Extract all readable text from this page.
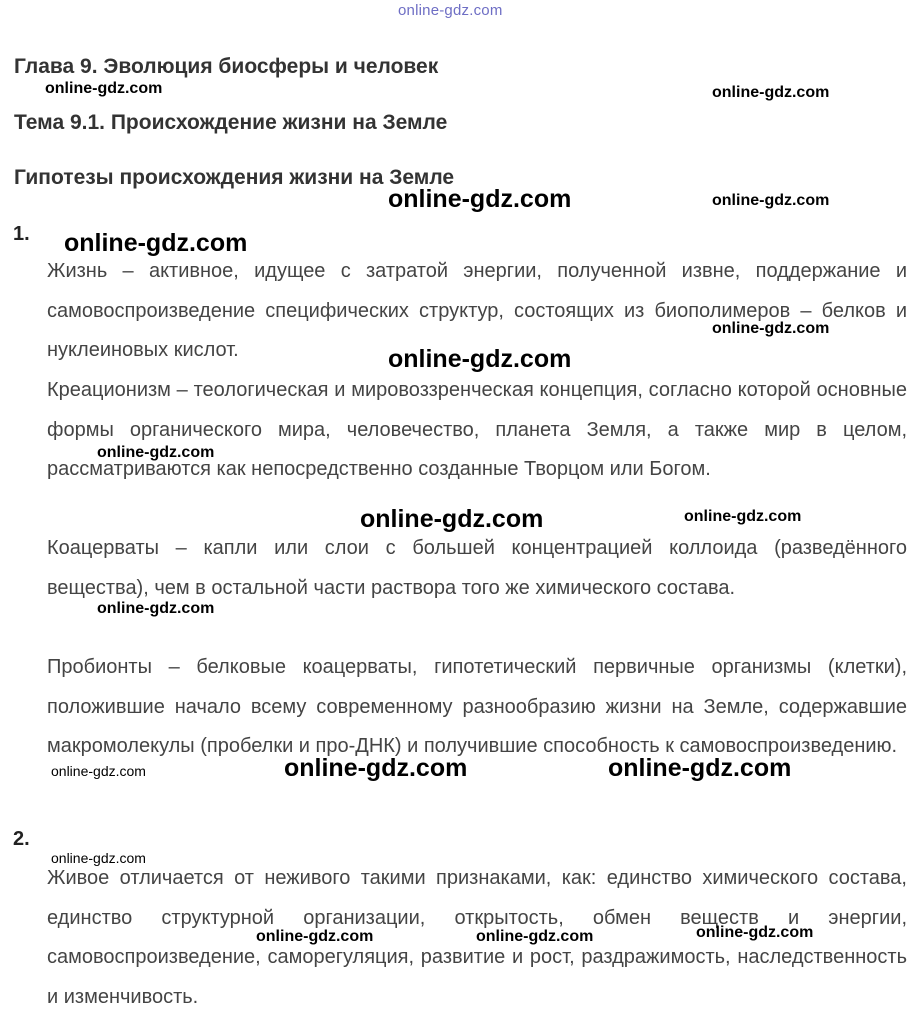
online-gdz.com
Глава 9. Эволюция биосферы и человек
Тема 9.1. Происхождение жизни на Земле
Гипотезы происхождения жизни на Земле
1.

Жизнь – активное, идущее с затратой энергии, полученной извне, поддержание и самовоспроизведение специфических структур, состоящих из биополимеров – белков и нуклеиновых кислот.

Креационизм – теологическая и мировоззренческая концепция, согласно которой основные формы органического мира, человечество, планета Земля, а также мир в целом, рассматриваются как непосредственно созданные Творцом или Богом.

Коацерваты – капли или слои с большей концентрацией коллоида (разведённого вещества), чем в остальной части раствора того же химического состава.

Пробионты – белковые коацерваты, гипотетический первичные организмы (клетки), положившие начало всему современному разнообразию жизни на Земле, содержавшие макромолекулы (пробелки и про-ДНК) и получившие способность к самовоспроизведению.

2.

Живое отличается от неживого такими признаками, как: единство химического состава, единство структурной организации, открытость, обмен веществ и энергии, самовоспроизведение, саморегуляция, развитие и рост, раздражимость, наследственность и изменчивость.

online-gdz.com	online-gdz.com
online-gdz.com	online-gdz.com
online-gdz.com
online-gdz.com
online-gdz.com
online-gdz.com
online-gdz.com	online-gdz.com
online-gdz.com
online-gdz.com	online-gdz.com	online-gdz.com
online-gdz.com
online-gdz.com	online-gdz.com	online-gdz.com
